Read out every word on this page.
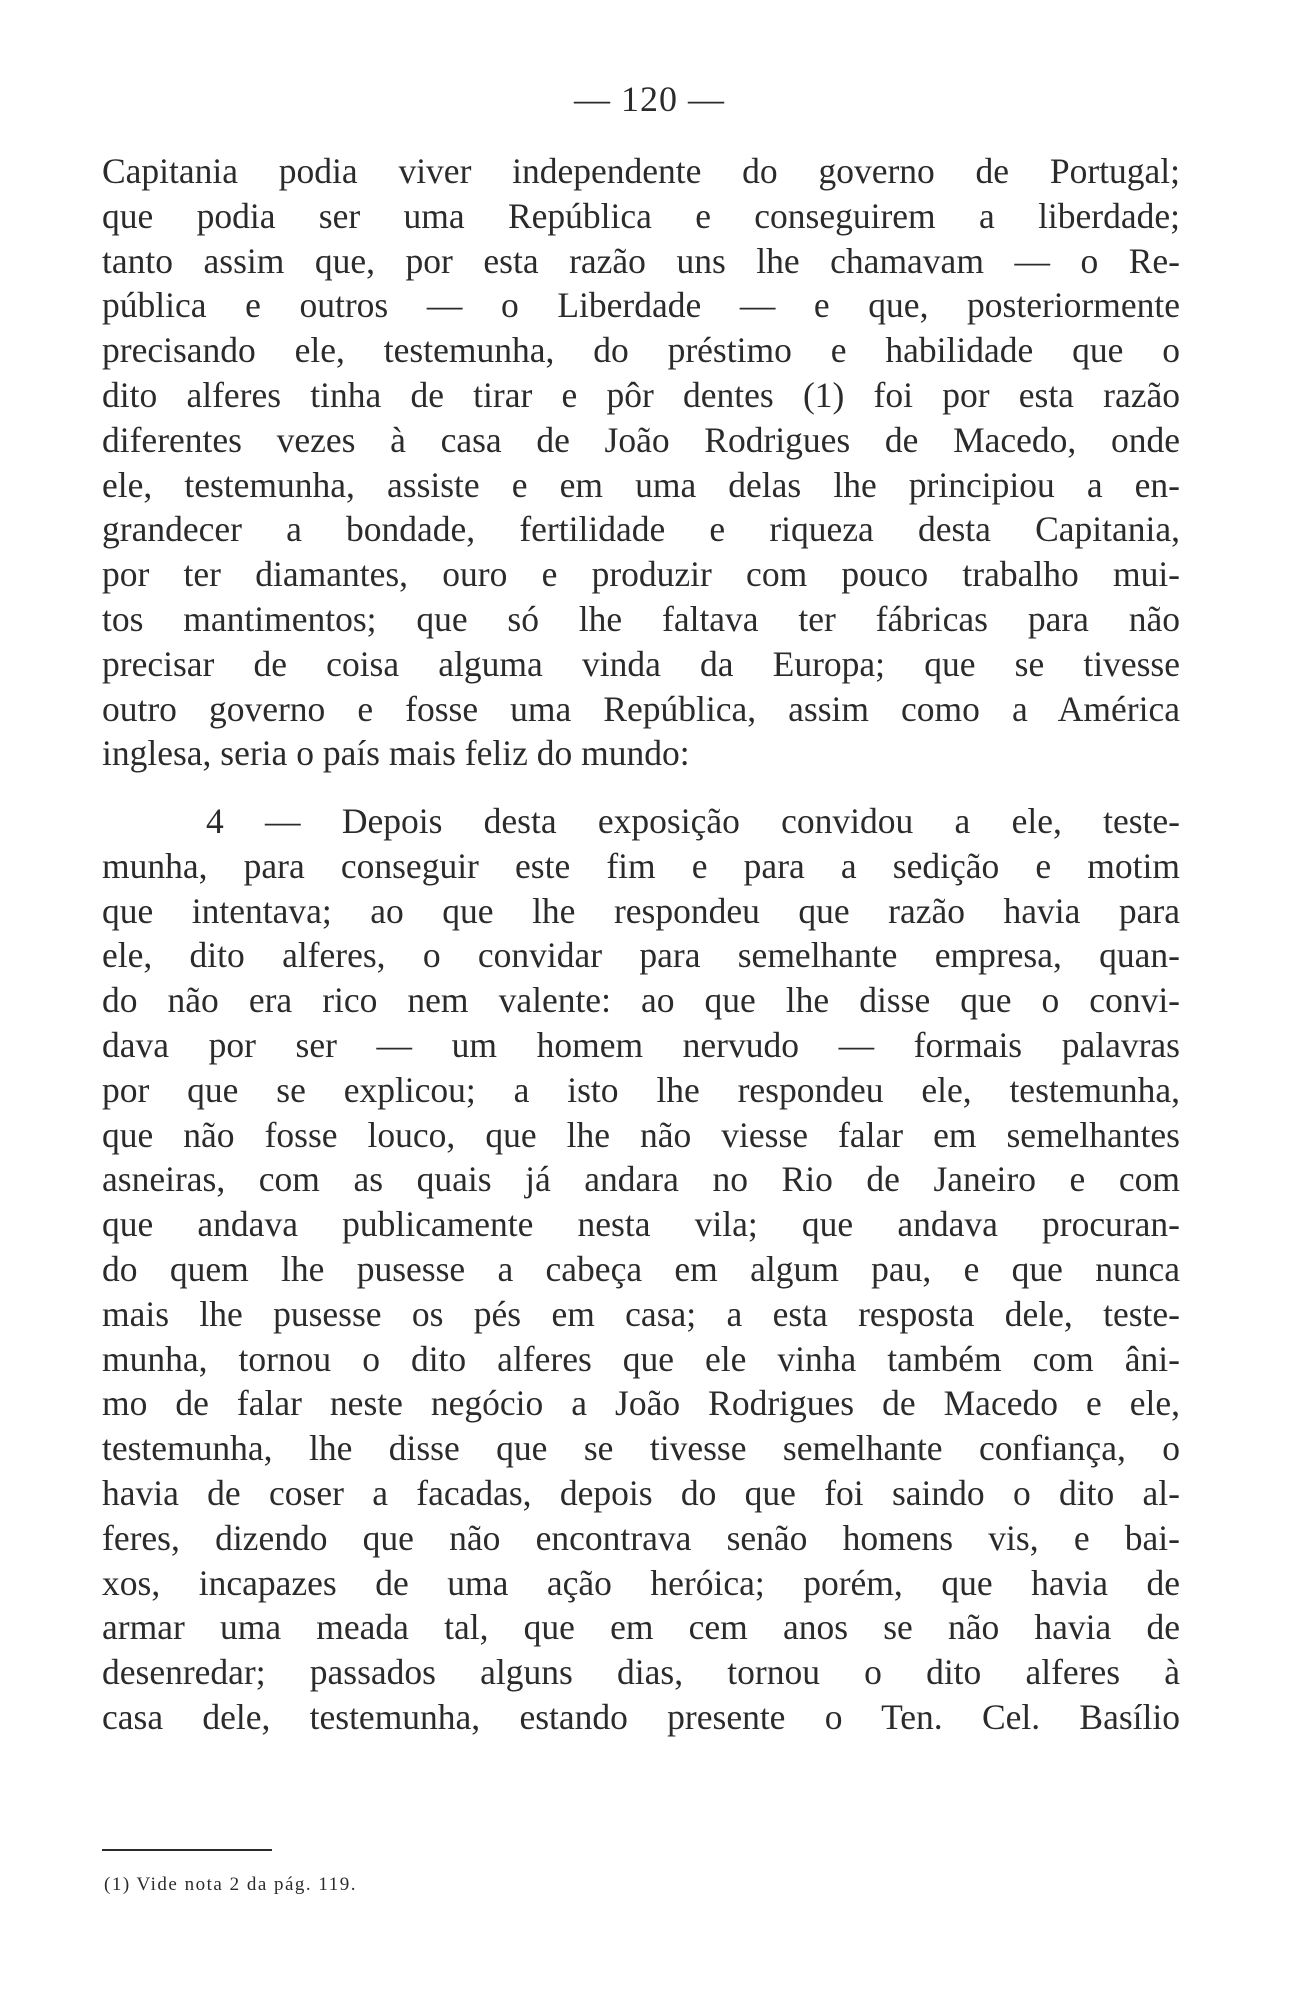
— 120 —
Capitania podia viver independente do governo de Portugal;
que podia ser uma República e conseguirem a liberdade;
tanto assim que, por esta razão uns lhe chamavam — o Re-
pública e outros — o Liberdade — e que, posteriormente
precisando ele, testemunha, do préstimo e habilidade que o
dito alferes tinha de tirar e pôr dentes (1) foi por esta razão
diferentes vezes à casa de João Rodrigues de Macedo, onde
ele, testemunha, assiste e em uma delas lhe principiou a en-
grandecer a bondade, fertilidade e riqueza desta Capitania,
por ter diamantes, ouro e produzir com pouco trabalho mui-
tos mantimentos; que só lhe faltava ter fábricas para não
precisar de coisa alguma vinda da Europa; que se tivesse
outro governo e fosse uma República, assim como a América
inglesa, seria o país mais feliz do mundo:
4 — Depois desta exposição convidou a ele, teste-
munha, para conseguir este fim e para a sedição e motim
que intentava; ao que lhe respondeu que razão havia para
ele, dito alferes, o convidar para semelhante empresa, quan-
do não era rico nem valente: ao que lhe disse que o convi-
dava por ser — um homem nervudo — formais palavras
por que se explicou; a isto lhe respondeu ele, testemunha,
que não fosse louco, que lhe não viesse falar em semelhantes
asneiras, com as quais já andara no Rio de Janeiro e com
que andava publicamente nesta vila; que andava procuran-
do quem lhe pusesse a cabeça em algum pau, e que nunca
mais lhe pusesse os pés em casa; a esta resposta dele, teste-
munha, tornou o dito alferes que ele vinha também com âni-
mo de falar neste negócio a João Rodrigues de Macedo e ele,
testemunha, lhe disse que se tivesse semelhante confiança, o
havia de coser a facadas, depois do que foi saindo o dito al-
feres, dizendo que não encontrava senão homens vis, e bai-
xos, incapazes de uma ação heróica; porém, que havia de
armar uma meada tal, que em cem anos se não havia de
desenredar; passados alguns dias, tornou o dito alferes à
casa dele, testemunha, estando presente o Ten. Cel. Basílio
(1) Vide nota 2 da pág. 119.
